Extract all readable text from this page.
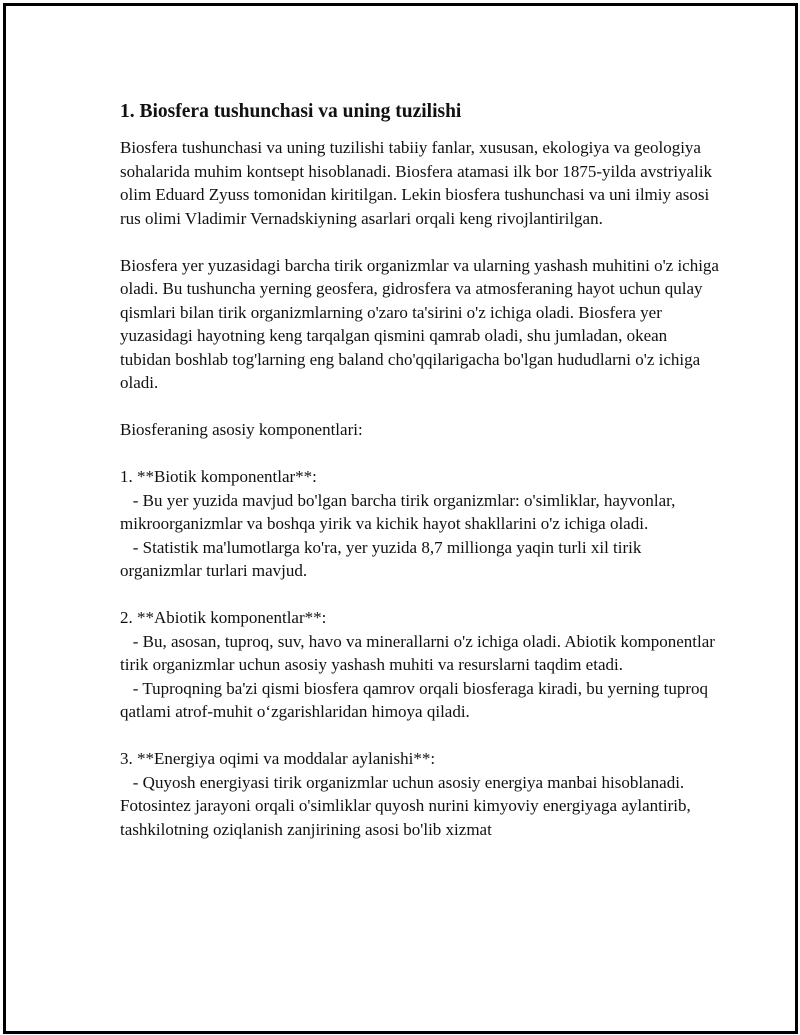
1. Biosfera tushunchasi va uning tuzilishi

Biosfera tushunchasi va uning tuzilishi tabiiy fanlar, xususan, ekologiya va geologiya sohalarida muhim kontsept hisoblanadi. Biosfera atamasi ilk bor 1875-yilda avstriyalik olim Eduard Zyuss tomonidan kiritilgan. Lekin biosfera tushunchasi va uni ilmiy asosi rus olimi Vladimir Vernadskiyning asarlari orqali keng rivojlantirilgan.

Biosfera yer yuzasidagi barcha tirik organizmlar va ularning yashash muhitini o'z ichiga oladi. Bu tushuncha yerning geosfera, gidrosfera va atmosferaning hayot uchun qulay qismlari bilan tirik organizmlarning o'zaro ta'sirini o'z ichiga oladi. Biosfera yer yuzasidagi hayotning keng tarqalgan qismini qamrab oladi, shu jumladan, okean tubidan boshlab tog'larning eng baland cho'qqilarigacha bo'lgan hududlarni o'z ichiga oladi.

Biosferaning asosiy komponentlari:

1. **Biotik komponentlar**:
- Bu yer yuzida mavjud bo'lgan barcha tirik organizmlar: o'simliklar, hayvonlar, mikroorganizmlar va boshqa yirik va kichik hayot shakllarini o'z ichiga oladi.
- Statistik ma'lumotlarga ko'ra, yer yuzida 8,7 millionga yaqin turli xil tirik organizmlar turlari mavjud.

2. **Abiotik komponentlar**:
- Bu, asosan, tuproq, suv, havo va minerallarni o'z ichiga oladi. Abiotik komponentlar tirik organizmlar uchun asosiy yashash muhiti va resurslarni taqdim etadi.
- Tuproqning ba'zi qismi biosfera qamrov orqali biosferaga kiradi, bu yerning tuproq qatlami atrof-muhit o‘zgarishlaridan himoya qiladi.

3. **Energiya oqimi va moddalar aylanishi**:
- Quyosh energiyasi tirik organizmlar uchun asosiy energiya manbai hisoblanadi. Fotosintez jarayoni orqali o'simliklar quyosh nurini kimyoviy energiyaga aylantirib, tashkilotning oziqlanish zanjirining asosi bo'lib xizmat
